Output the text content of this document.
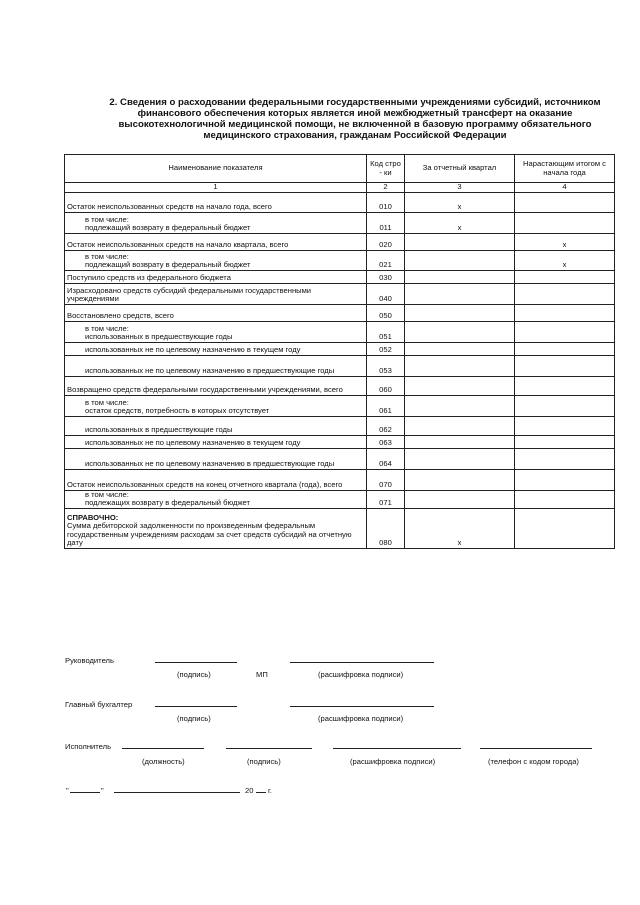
2. Сведения о расходовании федеральными государственными учреждениями субсидий, источником финансового обеспечения которых является иной межбюджетный трансферт на оказание высокотехнологичной медицинской помощи, не включенной в базовую программу обязательного медицинского страхования, гражданам Российской Федерации
Наименование показателя	Код стро - ки	За отчетный квартал	Нарастающим итогом с начала года
1	2	3	4
Остаток неиспользованных средств на начало года, всего	010	x	
в том числе:
подлежащий возврату в федеральный бюджет	011	x	
Остаток неиспользованных средств на начало квартала, всего	020		x
в том числе:
подлежащий возврату в федеральный бюджет	021		x
Поступило средств из федерального бюджета	030		
Израсходовано средств субсидий федеральными государственными учреждениями	040		
Восстановлено средств, всего	050		
в том числе:
использованных в предшествующие годы	051		
использованных не по целевому назначению в текущем году	052		
использованных не по целевому назначению в предшествующие годы	053		
Возвращено средств федеральными государственными учреждениями, всего	060		
в том числе:
остаток средств, потребность в которых отсутствует	061		
использованных в предшествующие годы	062		
использованных не по целевому назначению в текущем году	063		
использованных не по целевому назначению в предшествующие годы	064		
Остаток неиспользованных средств на конец отчетного квартала (года), всего	070		
в том числе:
подлежащих возврату в федеральный бюджет	071		

СПРАВОЧНО:
Сумма дебиторской задолженности по произведенным федеральным государственным учреждениям расходам за счет средств субсидий на отчетную дату	080	x	
Руководитель
(подпись)	МП	(расшифровка подписи)
Главный бухгалтер
(подпись)	(расшифровка подписи)
Исполнитель
(должность)	(подпись)	(расшифровка подписи)	(телефон с кодом города)
"	"	20 г.
